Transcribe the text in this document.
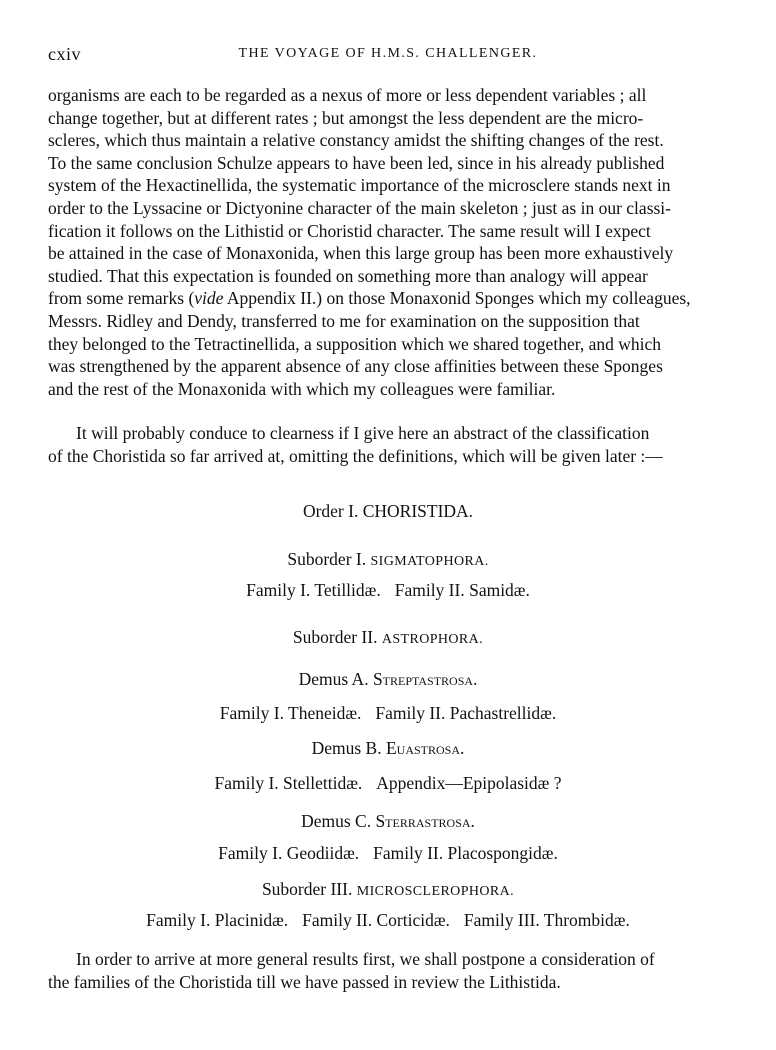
cxiv	THE VOYAGE OF H.M.S. CHALLENGER.
organisms are each to be regarded as a nexus of more or less dependent variables ; all
change together, but at different rates ; but amongst the less dependent are the micro-
scleres, which thus maintain a relative constancy amidst the shifting changes of the rest.
To the same conclusion Schulze appears to have been led, since in his already published
system of the Hexactinellida, the systematic importance of the microsclere stands next in
order to the Lyssacine or Dictyonine character of the main skeleton ; just as in our classi-
fication it follows on the Lithistid or Choristid character. The same result will I expect
be attained in the case of Monaxonida, when this large group has been more exhaustively
studied. That this expectation is founded on something more than analogy will appear
from some remarks (vide Appendix II.) on those Monaxonid Sponges which my colleagues,
Messrs. Ridley and Dendy, transferred to me for examination on the supposition that
they belonged to the Tetractinellida, a supposition which we shared together, and which
was strengthened by the apparent absence of any close affinities between these Sponges
and the rest of the Monaxonida with which my colleagues were familiar.
It will probably conduce to clearness if I give here an abstract of the classification
of the Choristida so far arrived at, omitting the definitions, which will be given later :—
Order I. CHORISTIDA.
Suborder I. SIGMATOPHORA.
Family I. Tetillidæ. Family II. Samidæ.
Suborder II. ASTROPHORA.
Demus A. Streptastrosa.
Family I. Theneidæ. Family II. Pachastrellidæ.
Demus B. Euastrosa.
Family I. Stellettidæ. Appendix—Epipolasidæ ?
Demus C. Sterrastrosa.
Family I. Geodiidæ. Family II. Placospongidæ.
Suborder III. MICROSCLEROPHORA.
Family I. Placinidæ. Family II. Corticidæ. Family III. Thrombidæ.
In order to arrive at more general results first, we shall postpone a consideration of
the families of the Choristida till we have passed in review the Lithistida.
